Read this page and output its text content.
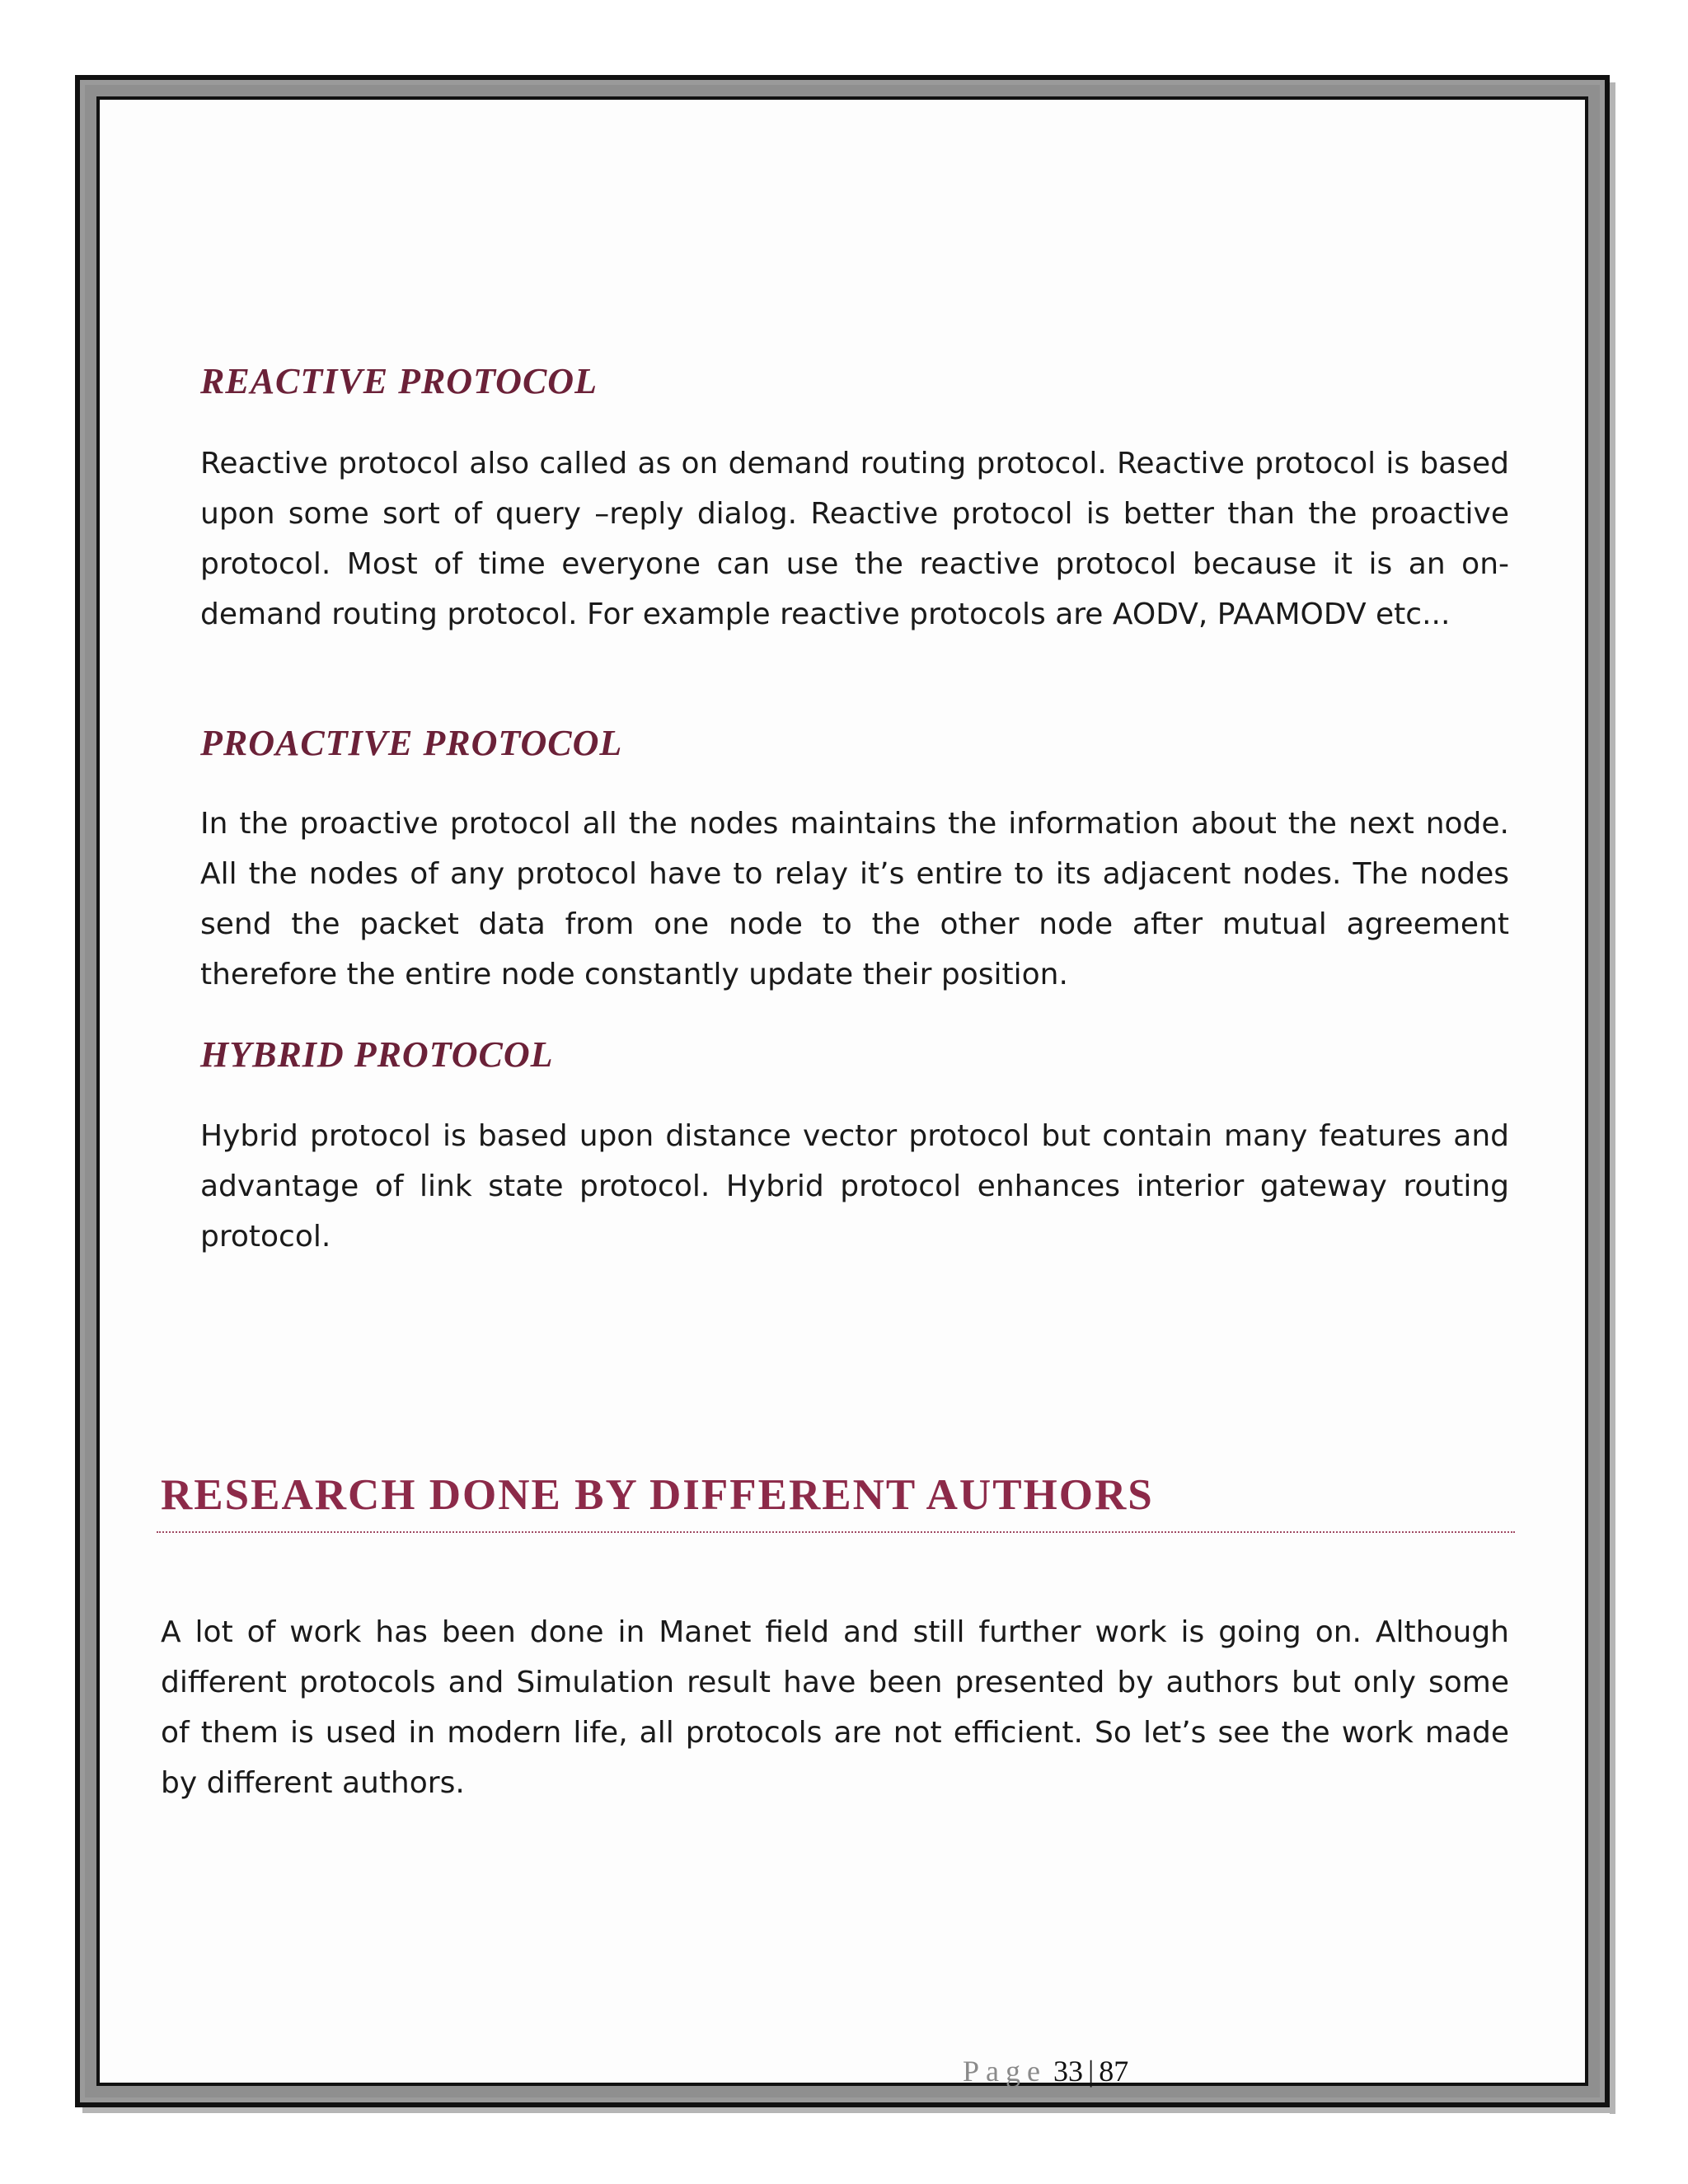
REACTIVE PROTOCOL

Reactive protocol also called as on demand routing protocol. Reactive protocol is based upon some sort of query –reply dialog. Reactive protocol is better than the proactive protocol. Most of time everyone can use the reactive protocol because it is an on-demand routing protocol. For example reactive protocols are AODV, PAAMODV etc...

PROACTIVE PROTOCOL

In the proactive protocol all the nodes maintains the information about the next node. All the nodes of any protocol have to relay it’s entire to its adjacent nodes. The nodes send the packet data from one node to the other node after mutual agreement therefore the entire node constantly update their position.

HYBRID PROTOCOL

Hybrid protocol is based upon distance vector protocol but contain many features and advantage of link state protocol. Hybrid protocol enhances interior gateway routing protocol.

RESEARCH DONE BY DIFFERENT AUTHORS

A lot of work has been done in Manet field and still further work is going on. Although different protocols and Simulation result have been presented by authors but only some of them is used in modern life, all protocols are not efficient. So let’s see the work made by different authors.

Page 33 | 87
